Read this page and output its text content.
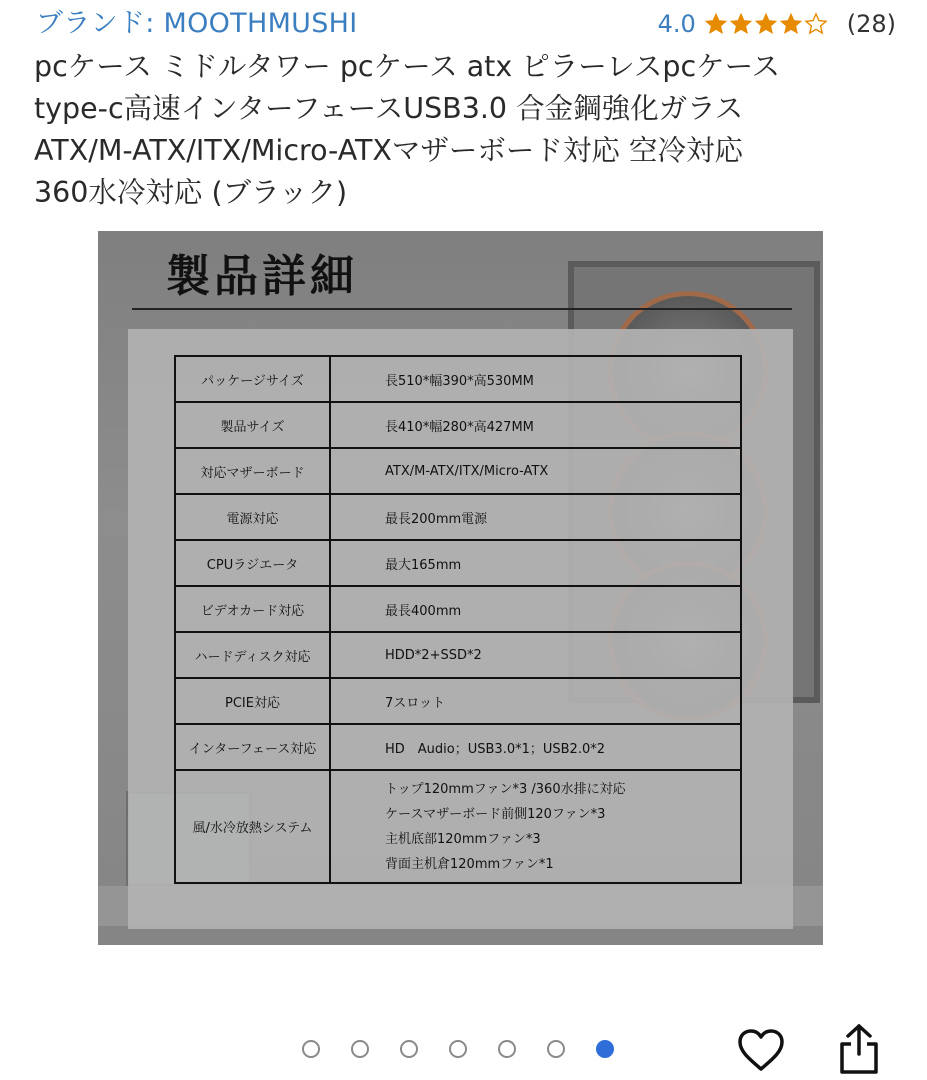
ブランド: MOOTHMUSHI	4.0	(28)
pcケース ミドルタワー pcケース atx ピラーレスpcケース
type-c高速インターフェースUSB3.0 合金鋼強化ガラス
ATX/M-ATX/ITX/Micro-ATXマザーボード対応 空冷対応
360水冷対応 (ブラック)
製品詳細
パッケージサイズ	長510*幅390*高530MM
製品サイズ	長410*幅280*高427MM
対応マザーボード	ATX/M-ATX/ITX/Micro-ATX
電源対応	最長200mm電源
CPUラジエータ	最大165mm
ビデオカード対応	最長400mm
ハードディスク対応	HDD*2+SSD*2
PCIE対応	7スロット
インターフェース対応	HD　Audio；USB3.0*1；USB2.0*2
風/水冷放熱システム	トップ120mmファン*3 /360水排に対応
ケースマザーボード前側120ファン*3
主机底部120mmファン*3
背面主机倉120mmファン*1
